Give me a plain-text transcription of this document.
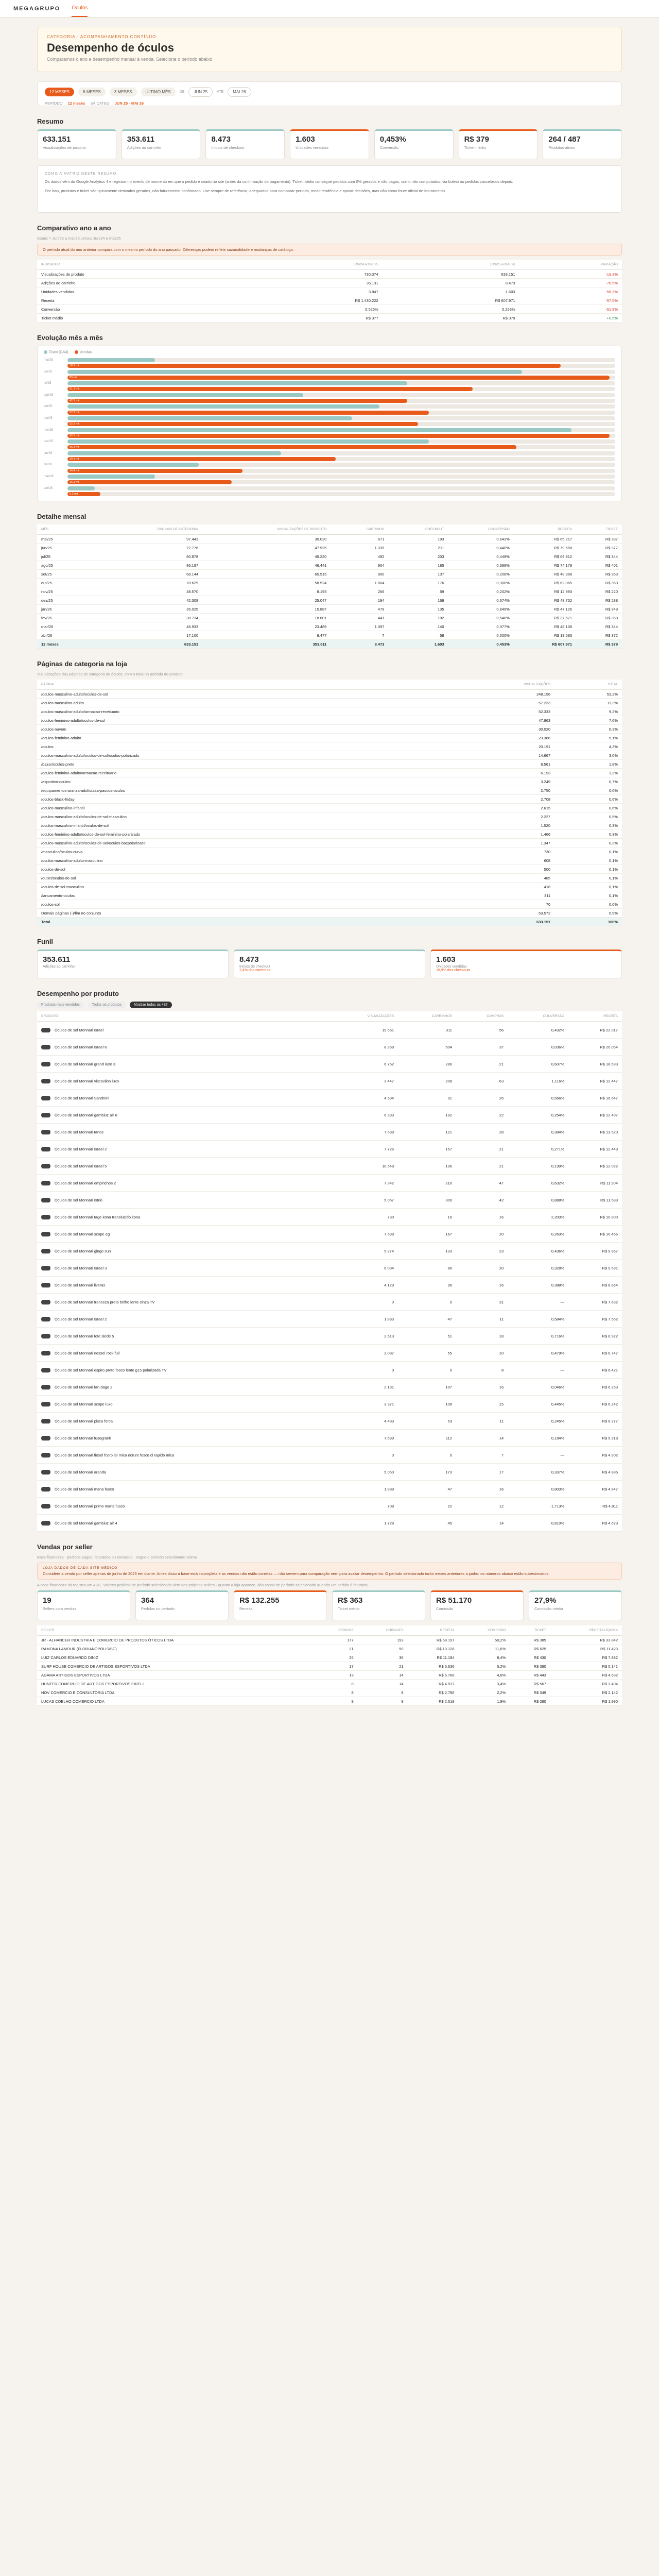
MEGAGRUPO Óculos
CATEGORIA · ACOMPANHAMENTO CONTÍNUO
Desempenho de óculos

Comparamos o ano e desempenho mensal à venda. Selecione o período abaixo

12 MESES	6 MESES	3 MESES	ÚLTIMO MÊS	DE	JUN 25	ATÉ	MAI 26
PERÍODO 12 meses SÁ CATEG JUN 25 - MAI 26
Resumo
633.151
Visualizações de produto
353.611
Adições ao carrinho
8.473
Inícios de checkout
1.603
Unidades vendidas
0,453%
Conversão
R$ 379
Ticket médio
264 / 487
Produtos ativos
COMO A MATRIZ DESTE RESUMO

Os dados vêm do Google Analytics 4 e registram o evento de momento em que o pedido é criado no site (antes da confirmação do pagamento). Ticket médio consegue pedidos com 0% gerados e não pagos, como não computados, via boleto ou pedidos cancelados depois.

Por isso, produtos e ticket são tipicamente derivados gerados, não faturamento confirmado. Use sempre de referência, adequados para comparar período, medir tendência e apoiar decisões, mas não como fonte oficial de faturamento.

Comparativo ano a ano
Atuais = Jun/25 a mai/26 versus Jun/24 a mai/25
O período atual do ano anterior compara com o mesmo período do ano passado. Diferenças podem refletir sazonalidade e mudanças de catálogo.
INDICADOR	JUN/24 A MAI/25	JUN/25 A MAI/26	VARIAÇÃO
Visualizações de produto	730.374	633.151	-13,3%
Adições ao carrinho	36.131	8.473	-76,5%
Unidades vendidas	3.847	1.603	-58,3%
Receita	R$ 1.430.222	R$ 607.971	-57,5%
Conversão	0,526%	0,253%	-51,9%
Ticket médio	R$ 377	R$ 379	+0,5%
Evolução mês a mês
Fluxo (GA4)	Vendas
mai/25
16.9 mil
jun/25
83 mil
jul/25
61.3 mil
ago/25
42.9 mil
set/25
57.2 mil
out/25
52.3 mil
nov/25
92.8 mil
dez/25
66.3 mil
jan/26
39.1 mil
fev/26
24.4 mil
mar/26
16.1 mil
abr/26
5.2 mil
Detalhe mensal
MÊS	PÁGINAS DE CATEGORIA	VISUALIZAÇÕES DE PRODUTO	CARRINHO	CHECKOUT	CONVERSÃO	RECEITA	TICKET
mai/25	97.441	30.020	671	193	0,643%	R$ 65.217	R$ 337
jun/25	72.776	47.925	1.335	211	0,440%	R$ 79.558	R$ 377
jul/25	80.878	45.220	492	203	0,449%	R$ 69.812	R$ 344
ago/25	86.197	46.441	904	185	0,398%	R$ 74.179	R$ 401
set/25	68.144	65.515	900	137	0,208%	R$ 48.368	R$ 353
out/25	78.629	58.524	1.664	176	0,300%	R$ 62.065	R$ 353
nov/25	48.570	8.193	266	59	0,202%	R$ 12.993	R$ 220
dez/25	42.308	25.047	194	169	0,674%	R$ 48.752	R$ 288
jan/26	35.025	15.887	479	135	0,849%	R$ 47.126	R$ 349
fev/26	38.734	18.601	441	102	0,548%	R$ 37.571	R$ 368
mar/26	46.933	23.489	1.097	140	0,377%	R$ 48.108	R$ 344
abr/26	17.100	8.477	7	58	0,000%	R$ 19.583	R$ 372
12 meses	633.151	353.611	8.473	1.603	0,453%	R$ 607.971	R$ 379
Páginas de categoria na loja
Visualizações das páginas de categoria de óculos, com o total no período do produto
PÁGINA	VISUALIZAÇÕES	TOTAL
/oculos-masculino-adulto/oculos-de-sol	248.156	53,2%
/oculos-masculino-adulto	57.233	11,3%
/oculos-masculino-adulto/armacao-receituario	52.333	9,2%
/oculos-feminino-adulto/oculos-de-sol	47.863	7,6%
/oculos-nuvem	30.020	6,3%
/oculos-feminino-adulto	23.386	5,1%
/oculos	20.191	4,3%
/oculos-masculino-adulto/oculos-de-sol/oculos-polarizado	14.667	3,0%
/bazar/oculos-preto	8.561	1,8%
/oculos-feminino-adulto/armacao-receituario	6.193	1,3%
/esportivo-oculos	3.249	0,7%
/equipamentos-aranza-adults/aaa-pascoa-oculos	2.750	0,6%
/oculos-black-friday	2.708	0,6%
/oculos-masculino-infantil	2.615	0,6%
/oculos-masculino-adulto/oculos-de-sol-masculino	2.227	0,5%
/oculos-masculino-infantil/oculos-de-sol	1.520	0,3%
/oculos-feminino-adulto/oculos-de-sol-feminino-polarizado	1.466	0,3%
/oculos-masculino-adulto/oculos-de-sol/oculos-bacpolarizado	1.347	0,3%
/masculino/oculos-curva	730	0,1%
/oculos-masculino-adulto-masculino	608	0,1%
/oculos-de-sol	500	0,1%
/outlet/oculos-de-sol	485	0,1%
/oculos-de-sol-masculino	418	0,1%
/lancamento-oculos	311	0,1%
/oculos-sol	70	0,0%
Demais páginas (-)/fim no conjunto	53.572	0,9%
Total	633.151	100%
Funil
353.611
Adições ao carrinho
8.473
Inícios de checkout
2,4% dos carrinhos
1.603
Unidades vendidas
18,9% dos checkouts
Desempenho por produto
Produtos mais vendidos	Todos os produtos	Mostrar todos os 487
PRODUTO	VISUALIZAÇÕES	CARRINHOS	COMPRAS	CONVERSÃO	RECEITA
Óculos de sol Monnari Israel	19.551	311	56	0,432%	R$ 22.017
Óculos de sol Monnari Israel 6	8.968	504	37	0,036%	R$ 20.064
Óculos de sol Monnari grand luxe 3	6.752	286	21	0,607%	R$ 18.593
Óculos de sol Monnari viscovilon luxo	3.447	208	63	1,116%	R$ 12.447
Óculos de sol Monnari Sandnini	4.594	91	26	0,566%	R$ 16.647
Óculos de sol Monnari gambiuz air 6	6.393	192	22	0,254%	R$ 12.497
Óculos de sol Monnari tanos	7.698	121	28	0,384%	R$ 13.520
Óculos de sol Monnari Israel 2	7.726	157	21	0,271%	R$ 12.449
Óculos de sol Monnari Israel 5	10.548	196	21	0,199%	R$ 12.022
Óculos de sol Monnari empinchos 2	7.342	216	47	0,632%	R$ 11.904
Óculos de sol Monnari Istrio	5.057	300	42	0,888%	R$ 11.589
Óculos de sol Monnari tage kona translucido kona	730	16	16	2,203%	R$ 10.800
Óculos de sol Monnari scope eg	7.598	167	20	0,263%	R$ 10.456
Óculos de sol Monnari gingo sun	5.274	133	23	0,436%	R$ 9.867
Óculos de sol Monnari Israel 3	6.094	86	20	0,328%	R$ 9.591
Óculos de sol Monnari liveras	4.129	96	16	0,388%	R$ 8.864
Óculos de sol Monnari franceza preto brilho lente cinza TV	0	0	31	—	R$ 7.632
Óculos de sol Monnari Israel 2	1.883	47	11	0,584%	R$ 7.562
Óculos de sol Monnari tote slede 5	2.513	51	18	0,716%	R$ 6.922
Óculos de sol Monnari nessel rock full	2.087	55	10	0,479%	R$ 6.747
Óculos de sol Monnari espiro preto fosco lente g15 polarizada TV	0	0	8	—	R$ 6.421
Óculos de sol Monnari fan dago 2	2.131	107	16	0,046%	R$ 6.263
Óculos de sol Monnari scope luxo	3.371	108	15	0,445%	R$ 6.242
Óculos de sol Monnari pisca forca	4.483	53	11	0,245%	R$ 6.277
Óculos de sol Monnari fusegrank	7.599	112	14	0,184%	R$ 5.918
Óculos de sol Monnari fioxel fcoro lel mica ecrure fosco cl rapido mica	0	0	7	—	R$ 4.902
Óculos de sol Monnari aranda	5.050	173	17	0,337%	R$ 4.885
Óculos de sol Monnari mana fusco	1.989	47	16	0,803%	R$ 4.847
Óculos de sol Monnari primo mana fusco	708	22	12	1,713%	R$ 4.811
Óculos de sol Monnari gambiuz air 4	1.728	45	14	0,810%	R$ 4.623
Vendas por seller
Base financeira · pedidos pagos, faturados ou enviados · segue o período selecionado acima
LOJA DADOS DE CADA SITE MÉDICO
Considere a venda por seller apenas de junho de 2025 em diante. Antes disso a base está incompleta e as vendas não estão corretas — não servem para comparação nem para avaliar desempenho. O período selecionado inclui meses anteriores a junho: os números abaixo estão subestimados.
A base financeira só registra um ASC. Valores pedidos de período selecionado vêm dos próprios sellers · quanto à loja aparece, são casos de período selecionado quando um pedido é faturado.
19
Sellers com vendas
364
Pedidos no período
R$ 132.255
Receita
R$ 363
Ticket médio
R$ 51.170
Comissão
27,9%
Comissão média
SELLER	PEDIDOS	UNIDADES	RECEITA	COMISSÃO	TICKET	RECEITA LÍQUIDA
JR - ALHANCER INDUSTRIA E COMERCIO DE PRODUTOS ÓTICOS LTDA	177	193	R$ 68.197	50,2%	R$ 385	R$ 33.842
RAMONA LAMOUR (FLORIANÓPOLIS/SC)	21	50	R$ 13.128	11,6%	R$ 625	R$ 11.423
LUIZ CARLOS EDUARDO DINIZ	26	36	R$ 11.194	8,4%	R$ 430	R$ 7.882
SURF HOUSE COMERCIO DE ARTIGOS ESPORTIVOS LTDA	17	21	R$ 6.636	5,2%	R$ 390	R$ 5.141
AGAMA ARTIGOS ESPORTIVOS LTDA	13	14	R$ 5.768	4,8%	R$ 443	R$ 4.632
HUNTER COMERCIO DE ARTIGOS ESPORTIVOS EIRELI	8	14	R$ 4.537	3,4%	R$ 567	R$ 3.404
NOV COMERCIO E CONSULTORIA LTDA	8	8	R$ 2.796	2,2%	R$ 349	R$ 2.142
LUCAS COELHO COMERCIO LTDA	9	9	R$ 2.518	1,9%	R$ 280	R$ 1.990
